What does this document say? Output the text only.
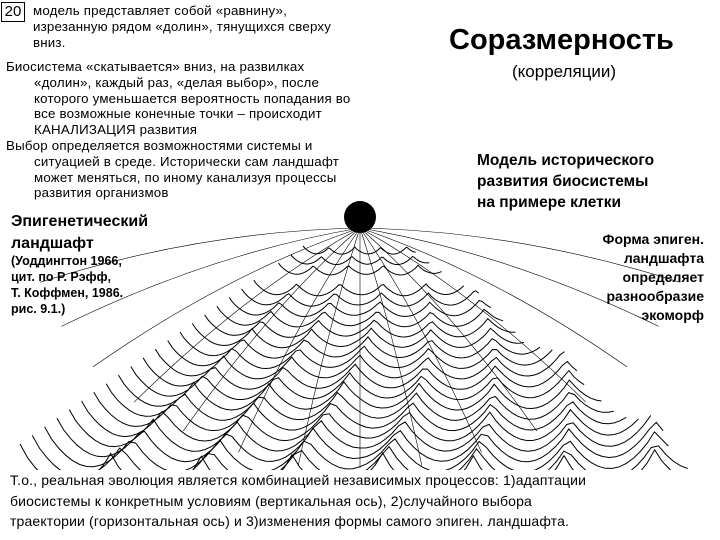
20 модель представляет собой «равнину»,

изрезанную рядом «долин», тянущихся сверху

вниз.

Биосистема «скатывается» вниз, на развилках

«долин», каждый раз, «делая выбор», после

которого уменьшается вероятность попадания во

все возможные конечные точки – происходит

КАНАЛИЗАЦИЯ развития

Выбор определяется возможностями системы и

ситуацией в среде. Исторически сам ландшафт

может меняться, по иному канализуя процессы

развития организмов

Соразмерность
(корреляции)
Модель исторического
развития биосистемы
на примере клетки
Эпигенетический
ландшафт
(Уоддингтон 1966,
цит. по Р. Рэфф,
Т. Коффмен, 1986.
рис. 9.1.)
Форма эпиген.
ландшафта
определяет
разнообразие
экоморф
Т.о., реальная эволюция является комбинацией независимых процессов: 1)адаптации
биосистемы к конкретным условиям (вертикальная ось), 2)случайного выбора
траектории (горизонтальная ось) и 3)изменения формы самого эпиген. ландшафта.
